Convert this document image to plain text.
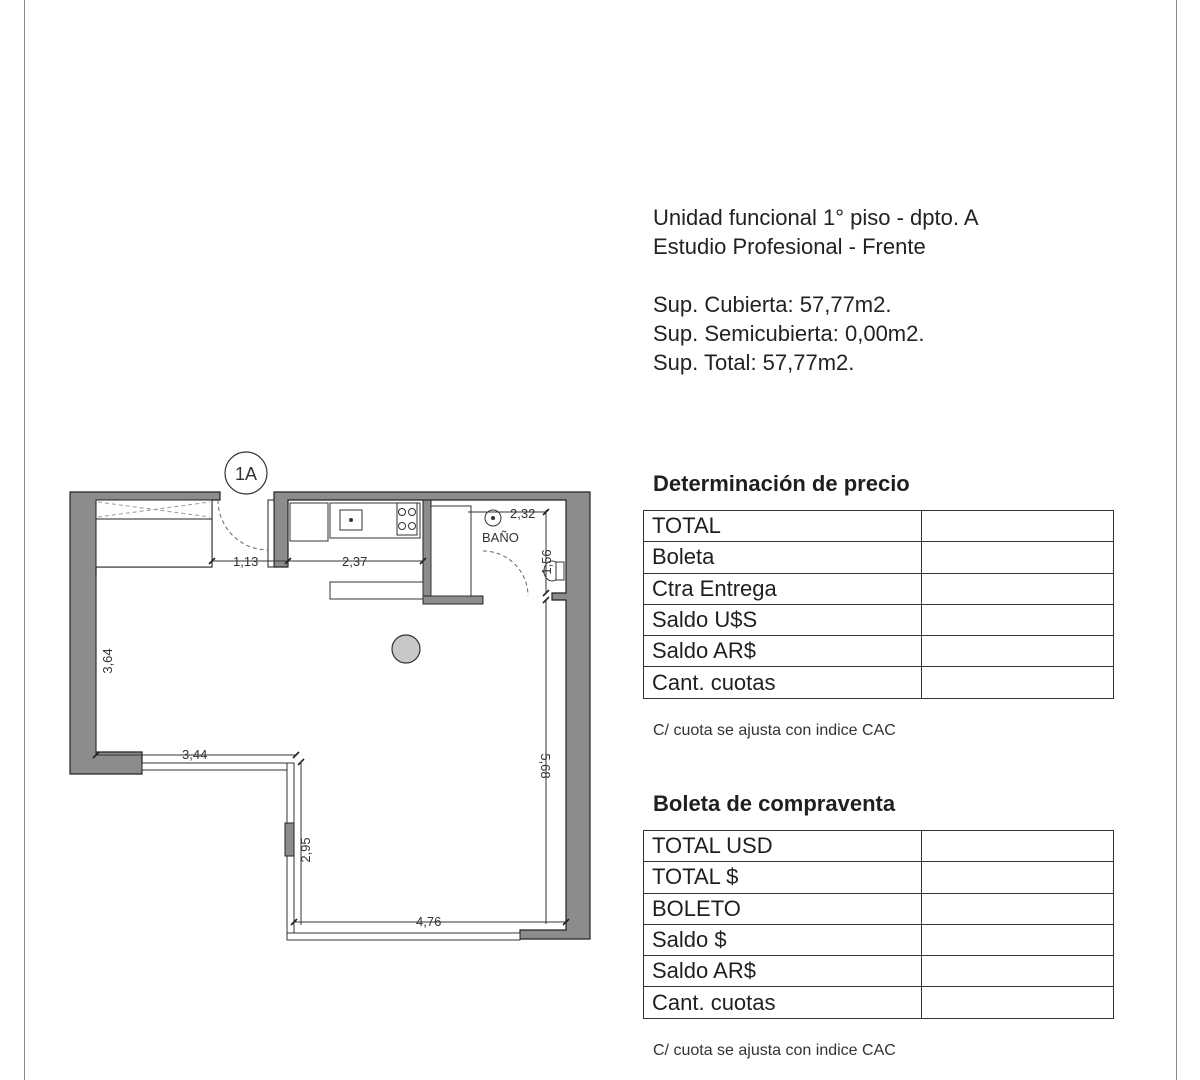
Unidad funcional 1° piso - dpto. A
Estudio Profesional - Frente
Sup. Cubierta: 57,77m2.
Sup. Semicubierta: 0,00m2.
Sup. Total: 57,77m2.
Determinación de precio
TOTAL	
Boleta	
Ctra Entrega	
Saldo U$S	
Saldo AR$	
Cant. cuotas	
C/ cuota se ajusta con indice CAC
Boleta de compraventa
TOTAL USD	
TOTAL $	
BOLETO	
Saldo $	
Saldo AR$	
Cant. cuotas	
C/ cuota se ajusta con indice CAC
BAÑO
1A
1,13	2,37
2,32
1,56
3,64
3,44
2,95
4,76
5,68
